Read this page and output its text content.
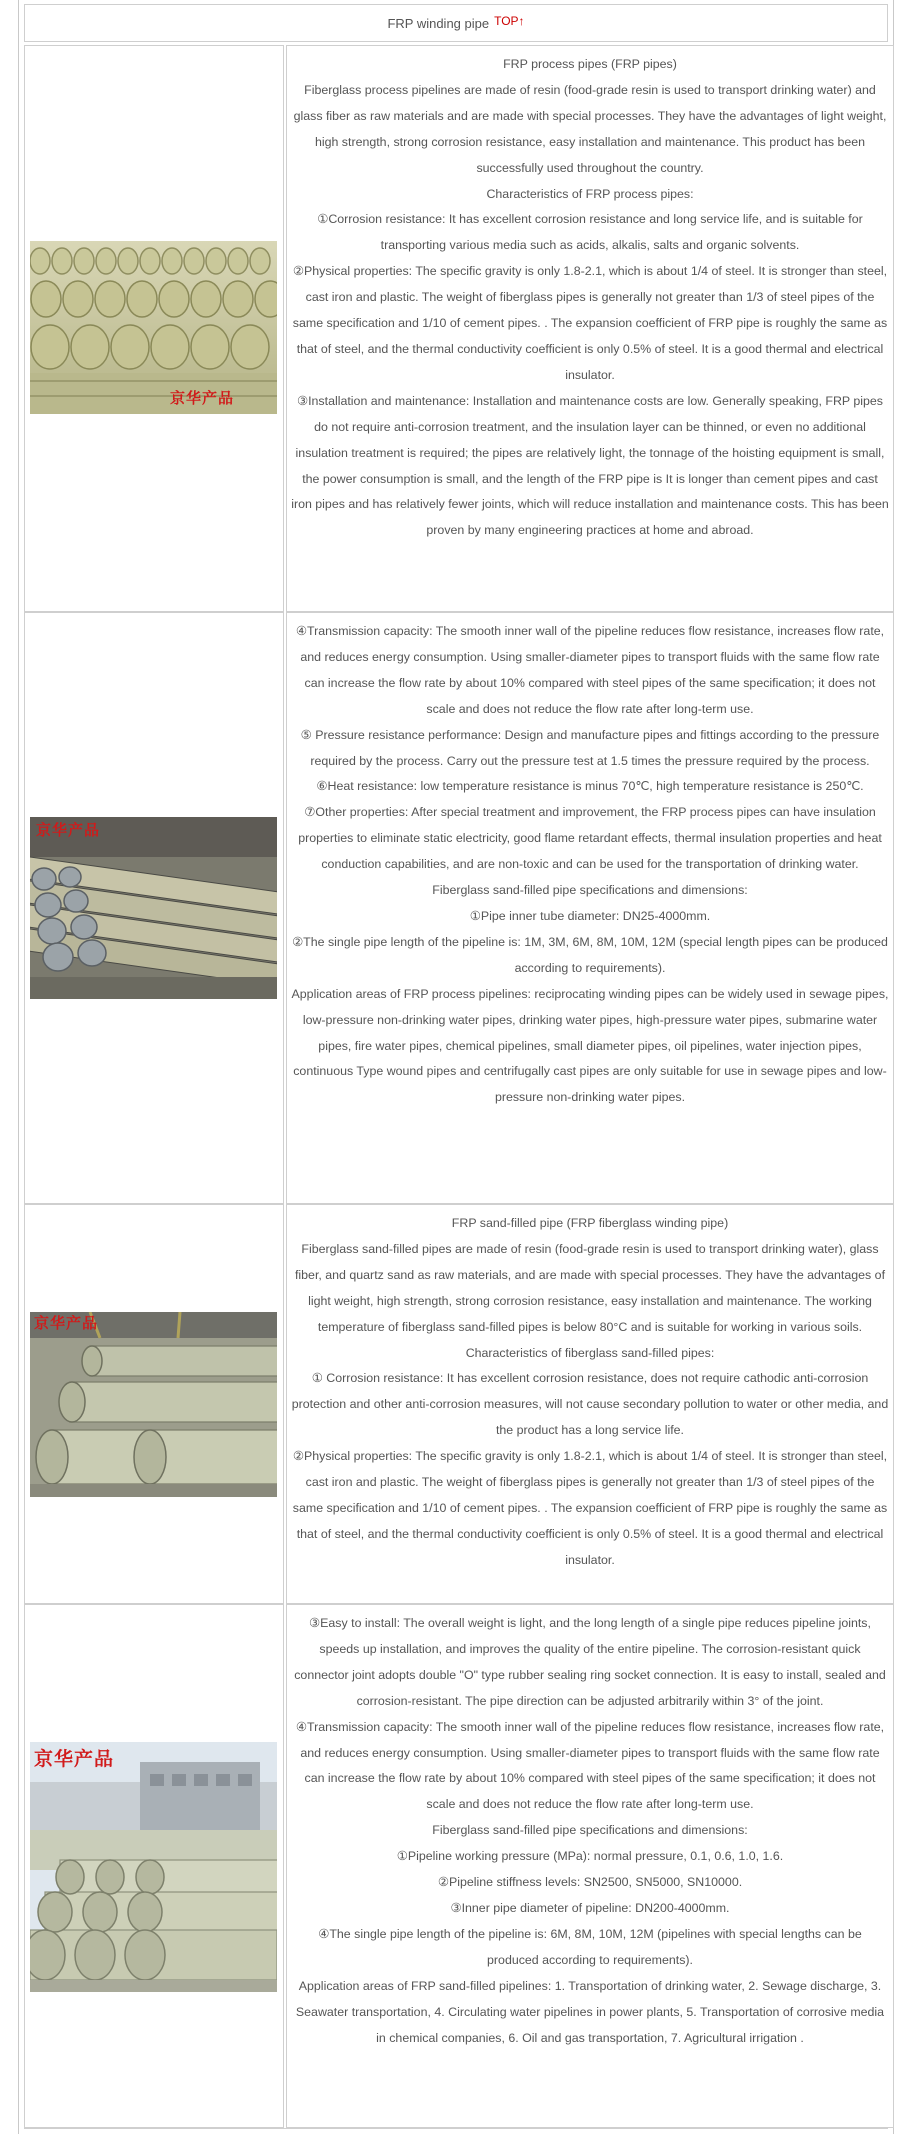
FRP winding pipe TOP↑
京华产品

FRP process pipes (FRP pipes)

Fiberglass process pipelines are made of resin (food-grade resin is used to transport drinking water) and glass fiber as raw materials and are made with special processes. They have the advantages of light weight, high strength, strong corrosion resistance, easy installation and maintenance. This product has been successfully used throughout the country.

Characteristics of FRP process pipes:

①Corrosion resistance: It has excellent corrosion resistance and long service life, and is suitable for transporting various media such as acids, alkalis, salts and organic solvents.

②Physical properties: The specific gravity is only 1.8-2.1, which is about 1/4 of steel. It is stronger than steel, cast iron and plastic. The weight of fiberglass pipes is generally not greater than 1/3 of steel pipes of the same specification and 1/10 of cement pipes. . The expansion coefficient of FRP pipe is roughly the same as that of steel, and the thermal conductivity coefficient is only 0.5% of steel. It is a good thermal and electrical insulator.

③Installation and maintenance: Installation and maintenance costs are low. Generally speaking, FRP pipes do not require anti-corrosion treatment, and the insulation layer can be thinned, or even no additional insulation treatment is required; the pipes are relatively light, the tonnage of the hoisting equipment is small, the power consumption is small, and the length of the FRP pipe is It is longer than cement pipes and cast iron pipes and has relatively fewer joints, which will reduce installation and maintenance costs. This has been proven by many engineering practices at home and abroad.

京华产品

④Transmission capacity: The smooth inner wall of the pipeline reduces flow resistance, increases flow rate, and reduces energy consumption. Using smaller-diameter pipes to transport fluids with the same flow rate can increase the flow rate by about 10% compared with steel pipes of the same specification; it does not scale and does not reduce the flow rate after long-term use.

⑤ Pressure resistance performance: Design and manufacture pipes and fittings according to the pressure required by the process. Carry out the pressure test at 1.5 times the pressure required by the process.

⑥Heat resistance: low temperature resistance is minus 70℃, high temperature resistance is 250℃.

⑦Other properties: After special treatment and improvement, the FRP process pipes can have insulation properties to eliminate static electricity, good flame retardant effects, thermal insulation properties and heat conduction capabilities, and are non-toxic and can be used for the transportation of drinking water.

Fiberglass sand-filled pipe specifications and dimensions:

①Pipe inner tube diameter: DN25-4000mm.

②The single pipe length of the pipeline is: 1M, 3M, 6M, 8M, 10M, 12M (special length pipes can be produced according to requirements).

Application areas of FRP process pipelines: reciprocating winding pipes can be widely used in sewage pipes, low-pressure non-drinking water pipes, drinking water pipes, high-pressure water pipes, submarine water pipes, fire water pipes, chemical pipelines, small diameter pipes, oil pipelines, water injection pipes, continuous Type wound pipes and centrifugally cast pipes are only suitable for use in sewage pipes and low-pressure non-drinking water pipes.

京华产品

FRP sand-filled pipe (FRP fiberglass winding pipe)

Fiberglass sand-filled pipes are made of resin (food-grade resin is used to transport drinking water), glass fiber, and quartz sand as raw materials, and are made with special processes. They have the advantages of light weight, high strength, strong corrosion resistance, easy installation and maintenance. The working temperature of fiberglass sand-filled pipes is below 80°C and is suitable for working in various soils.

Characteristics of fiberglass sand-filled pipes:

① Corrosion resistance: It has excellent corrosion resistance, does not require cathodic anti-corrosion protection and other anti-corrosion measures, will not cause secondary pollution to water or other media, and the product has a long service life.

②Physical properties: The specific gravity is only 1.8-2.1, which is about 1/4 of steel. It is stronger than steel, cast iron and plastic. The weight of fiberglass pipes is generally not greater than 1/3 of steel pipes of the same specification and 1/10 of cement pipes. . The expansion coefficient of FRP pipe is roughly the same as that of steel, and the thermal conductivity coefficient is only 0.5% of steel. It is a good thermal and electrical insulator.

京华产品

③Easy to install: The overall weight is light, and the long length of a single pipe reduces pipeline joints, speeds up installation, and improves the quality of the entire pipeline. The corrosion-resistant quick connector joint adopts double "O" type rubber sealing ring socket connection. It is easy to install, sealed and corrosion-resistant. The pipe direction can be adjusted arbitrarily within 3° of the joint.

④Transmission capacity: The smooth inner wall of the pipeline reduces flow resistance, increases flow rate, and reduces energy consumption. Using smaller-diameter pipes to transport fluids with the same flow rate can increase the flow rate by about 10% compared with steel pipes of the same specification; it does not scale and does not reduce the flow rate after long-term use.

Fiberglass sand-filled pipe specifications and dimensions:

①Pipeline working pressure (MPa): normal pressure, 0.1, 0.6, 1.0, 1.6.

②Pipeline stiffness levels: SN2500, SN5000, SN10000.

③Inner pipe diameter of pipeline: DN200-4000mm.

④The single pipe length of the pipeline is: 6M, 8M, 10M, 12M (pipelines with special lengths can be produced according to requirements).

Application areas of FRP sand-filled pipelines: 1. Transportation of drinking water, 2. Sewage discharge, 3. Seawater transportation, 4. Circulating water pipelines in power plants, 5. Transportation of corrosive media in chemical companies, 6. Oil and gas transportation, 7. Agricultural irrigation .
